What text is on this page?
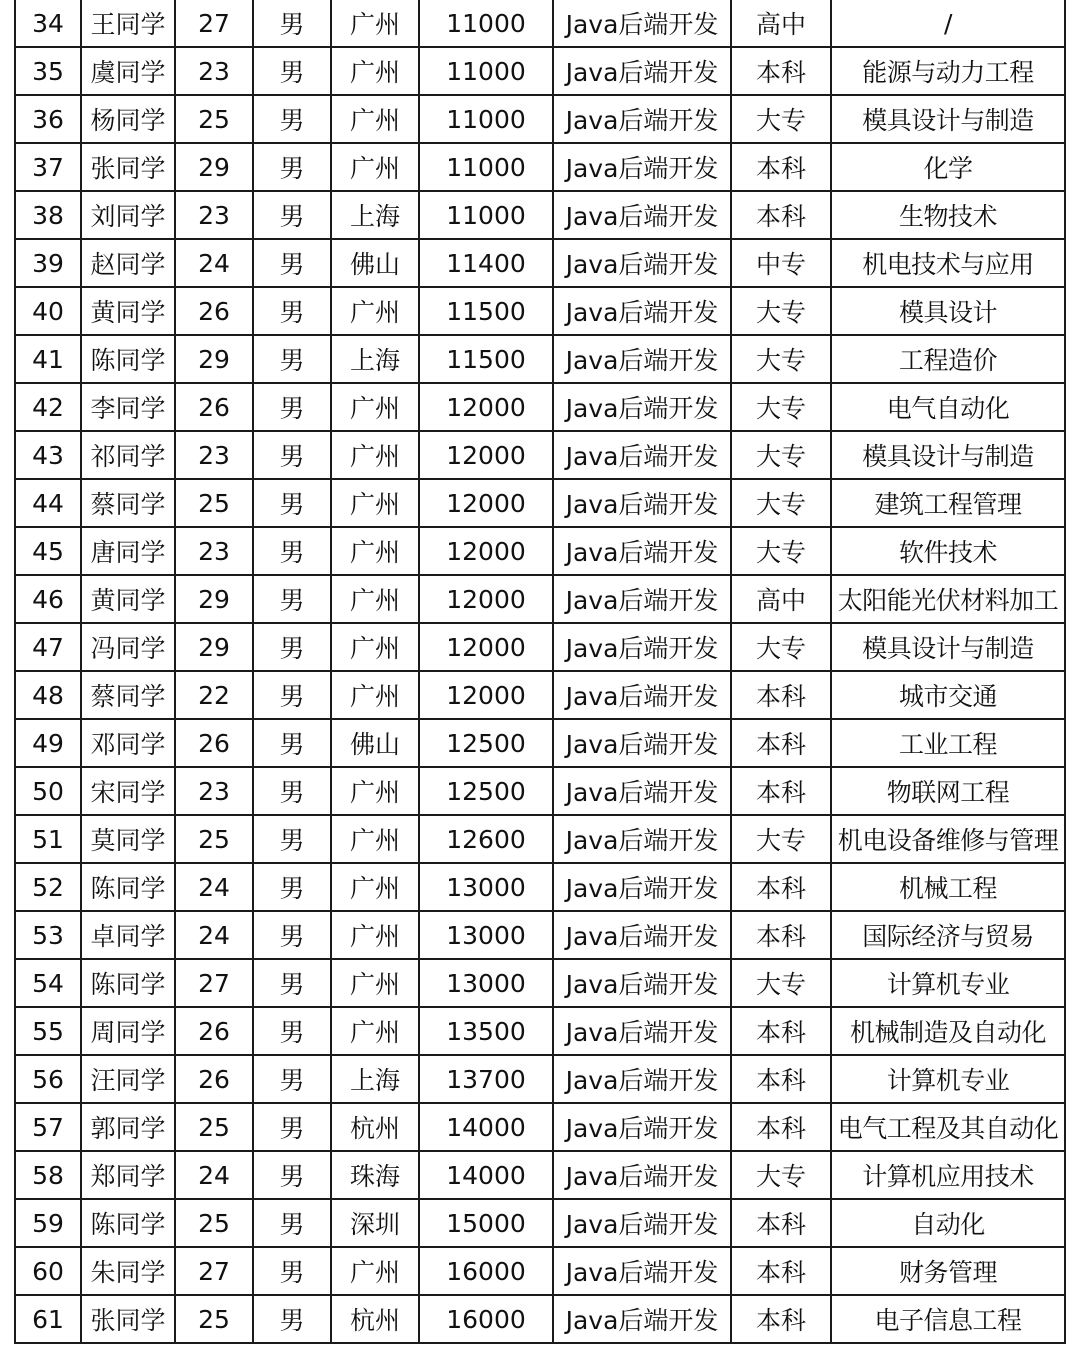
34	王同学	27	男	广州	11000	Java后端开发	高中	/
35	虞同学	23	男	广州	11000	Java后端开发	本科	能源与动力工程
36	杨同学	25	男	广州	11000	Java后端开发	大专	模具设计与制造
37	张同学	29	男	广州	11000	Java后端开发	本科	化学
38	刘同学	23	男	上海	11000	Java后端开发	本科	生物技术
39	赵同学	24	男	佛山	11400	Java后端开发	中专	机电技术与应用
40	黄同学	26	男	广州	11500	Java后端开发	大专	模具设计
41	陈同学	29	男	上海	11500	Java后端开发	大专	工程造价
42	李同学	26	男	广州	12000	Java后端开发	大专	电气自动化
43	祁同学	23	男	广州	12000	Java后端开发	大专	模具设计与制造
44	蔡同学	25	男	广州	12000	Java后端开发	大专	建筑工程管理
45	唐同学	23	男	广州	12000	Java后端开发	大专	软件技术
46	黄同学	29	男	广州	12000	Java后端开发	高中	太阳能光伏材料加工
47	冯同学	29	男	广州	12000	Java后端开发	大专	模具设计与制造
48	蔡同学	22	男	广州	12000	Java后端开发	本科	城市交通
49	邓同学	26	男	佛山	12500	Java后端开发	本科	工业工程
50	宋同学	23	男	广州	12500	Java后端开发	本科	物联网工程
51	莫同学	25	男	广州	12600	Java后端开发	大专	机电设备维修与管理
52	陈同学	24	男	广州	13000	Java后端开发	本科	机械工程
53	卓同学	24	男	广州	13000	Java后端开发	本科	国际经济与贸易
54	陈同学	27	男	广州	13000	Java后端开发	大专	计算机专业
55	周同学	26	男	广州	13500	Java后端开发	本科	机械制造及自动化
56	汪同学	26	男	上海	13700	Java后端开发	本科	计算机专业
57	郭同学	25	男	杭州	14000	Java后端开发	本科	电气工程及其自动化
58	郑同学	24	男	珠海	14000	Java后端开发	大专	计算机应用技术
59	陈同学	25	男	深圳	15000	Java后端开发	本科	自动化
60	朱同学	27	男	广州	16000	Java后端开发	本科	财务管理
61	张同学	25	男	杭州	16000	Java后端开发	本科	电子信息工程
